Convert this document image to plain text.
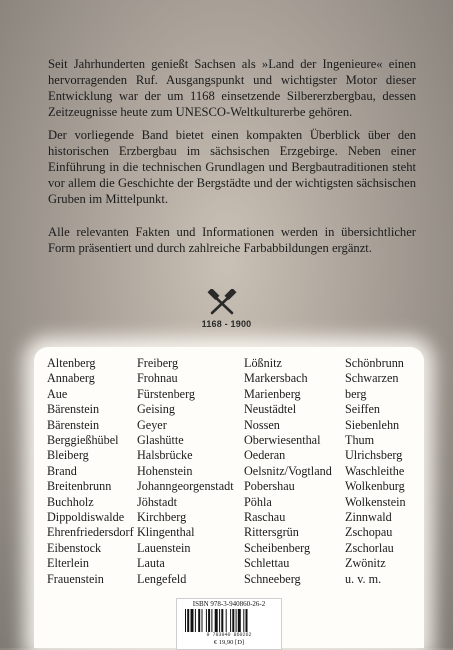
Seit Jahrhunderten genießt Sachsen als »Land der Ingenieure« einen hervorragenden Ruf. Ausgangspunkt und wichtigster Motor dieser Entwicklung war der um 1168 einsetzende Silbererzbergbau, dessen Zeitzeugnisse heute zum UNESCO-Weltkulturerbe gehören.

Der vorliegende Band bietet einen kompakten Überblick über den historischen Erzbergbau im sächsischen Erzgebirge. Neben einer Einführung in die technischen Grundlagen und Bergbautraditionen steht vor allem die Geschichte der Bergstädte und der wichtigsten sächsischen Gruben im Mittelpunkt.

Alle relevanten Fakten und Informationen werden in übersichtlicher Form präsentiert und durch zahlreiche Farbabbildungen ergänzt.

1168 - 1900
Altenberg
Annaberg
Aue
Bärenstein
Bärenstein
Berggießhübel
Bleiberg
Brand
Breitenbrunn
Buchholz
Dippoldiswalde
Ehrenfriedersdorf
Eibenstock
Elterlein
Frauenstein
Freiberg
Frohnau
Fürstenberg
Geising
Geyer
Glashütte
Halsbrücke
Hohenstein
Johanngeorgenstadt
Jöhstadt
Kirchberg
Klingenthal
Lauenstein
Lauta
Lengefeld
Lößnitz
Markersbach
Marienberg
Neustädtel
Nossen
Oberwiesenthal
Oederan
Oelsnitz/Vogtland
Pobershau
Pöhla
Raschau
Rittersgrün
Scheibenberg
Schlettau
Schneeberg
Schönbrunn
Schwarzen
berg
Seiffen
Siebenlehn
Thum
Ulrichsberg
Waschleithe
Wolkenburg
Wolkenstein
Zinnwald
Zschopau
Zschorlau
Zwönitz
u. v. m.
ISBN 978-3-940860-26-2
9 783940 860262
€ 19,90 [D]
